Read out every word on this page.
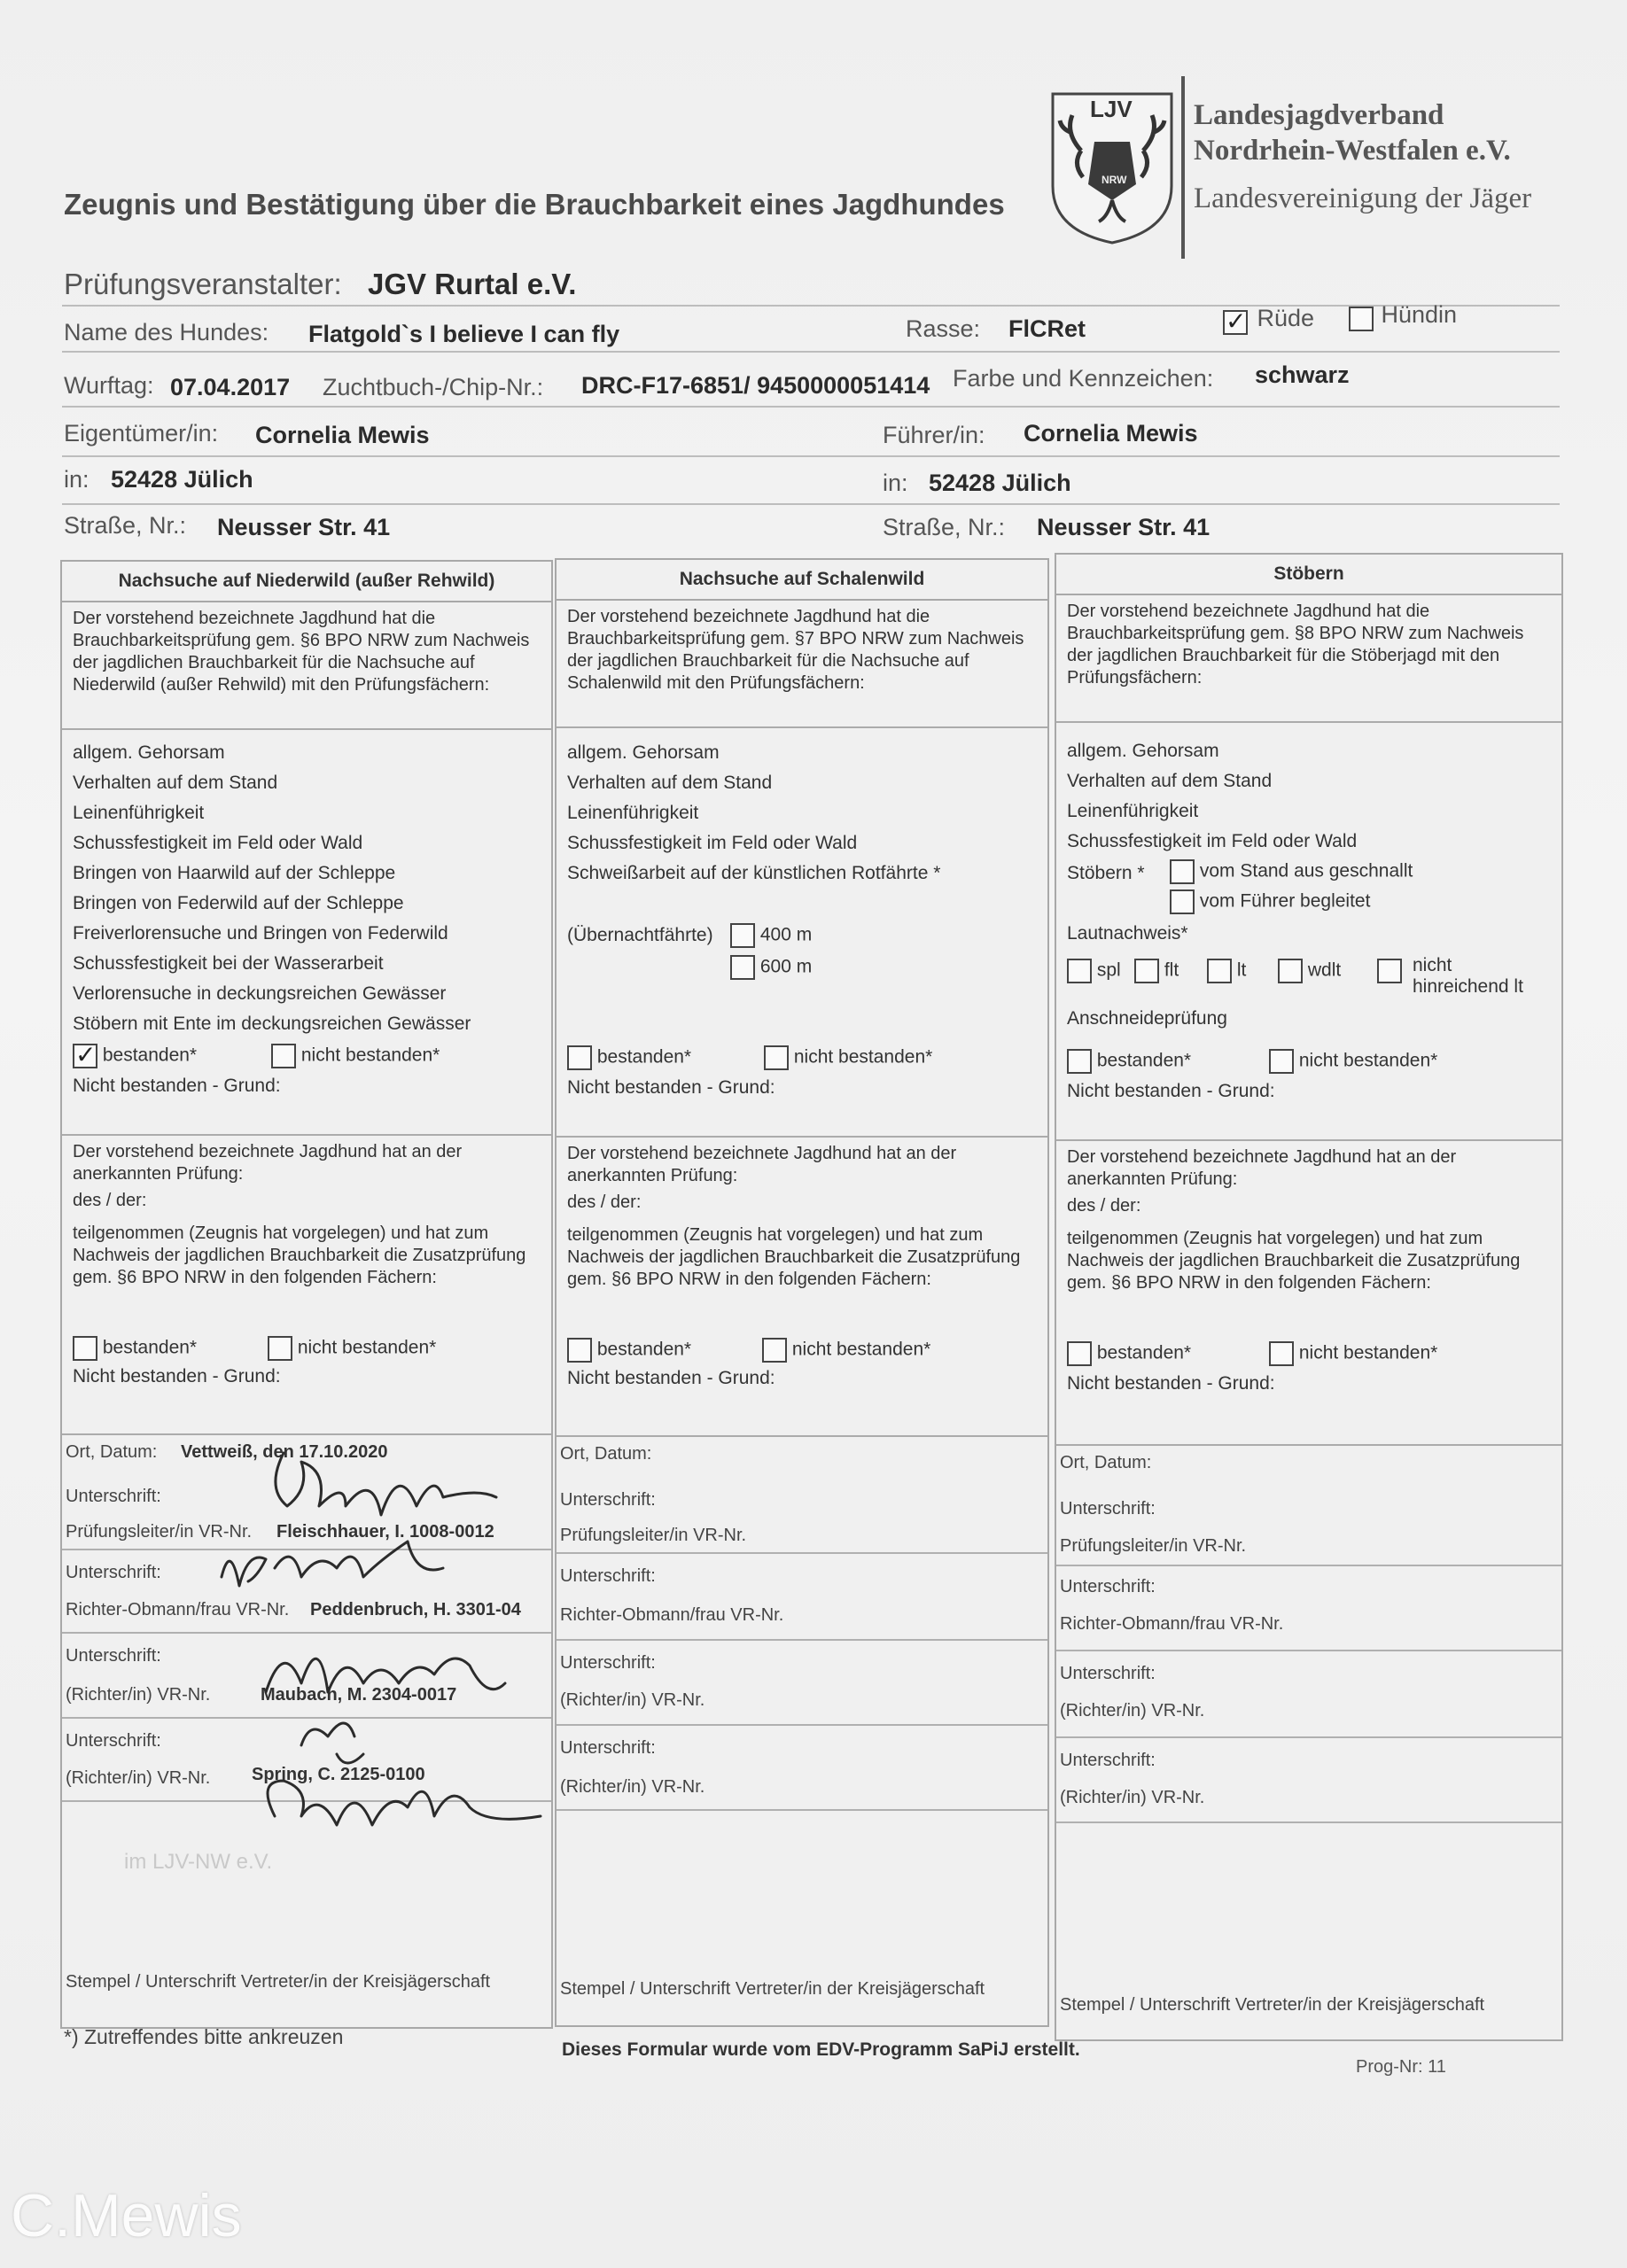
Zeugnis und Bestätigung über die Brauchbarkeit eines Jagdhundes
LJV
NRW
Landesjagdverband
Nordrhein-Westfalen e.V.
Landesvereinigung der Jäger
Prüfungsveranstalter: JGV Rurtal e.V.
Name des Hundes: Flatgold`s I believe I can fly	Rasse: FlCRet
✓	Rüde	Hündin
Wurftag: 07.04.2017 Zuchtbuch-/Chip-Nr.: DRC-F17-6851/ 9450000051414 Farbe und Kennzeichen: schwarz
Eigentümer/in: Cornelia Mewis	Führer/in: Cornelia Mewis
in: 52428 Jülich	in: 52428 Jülich
Straße, Nr.: Neusser Str. 41	Straße, Nr.: Neusser Str. 41
Nachsuche auf Niederwild (außer Rehwild)
Der vorstehend bezeichnete Jagdhund hat die Brauchbarkeitsprüfung gem. §6 BPO NRW zum Nachweis der jagdlichen Brauchbarkeit für die Nachsuche auf Niederwild (außer Rehwild) mit den Prüfungsfächern:
allgem. Gehorsam
Verhalten auf dem Stand
Leinenführigkeit
Schussfestigkeit im Feld oder Wald
Bringen von Haarwild auf der Schleppe
Bringen von Federwild auf der Schleppe
Freiverlorensuche und Bringen von Federwild
Schussfestigkeit bei der Wasserarbeit
Verlorensuche in deckungsreichen Gewässer
Stöbern mit Ente im deckungsreichen Gewässer
✓ bestanden*	nicht bestanden*
Nicht bestanden - Grund:
Der vorstehend bezeichnete Jagdhund hat an der anerkannten Prüfung:
des / der:
teilgenommen (Zeugnis hat vorgelegen) und hat zum Nachweis der jagdlichen Brauchbarkeit die Zusatzprüfung gem. §6 BPO NRW in den folgenden Fächern:
bestanden*	nicht bestanden*
Nicht bestanden - Grund:
Ort, Datum: Vettweiß, den 17.10.2020
Unterschrift:
Prüfungsleiter/in VR-Nr. Fleischhauer, I. 1008-0012
Unterschrift:
Richter-Obmann/frau VR-Nr. Peddenbruch, H. 3301-04
Unterschrift:
(Richter/in) VR-Nr.	Maubach, M. 2304-0017
Unterschrift:
(Richter/in) VR-Nr. Spring, C. 2125-0100
Stempel / Unterschrift Vertreter/in der Kreisjägerschaft
Nachsuche auf Schalenwild
Der vorstehend bezeichnete Jagdhund hat die Brauchbarkeitsprüfung gem. §7 BPO NRW zum Nachweis der jagdlichen Brauchbarkeit für die Nachsuche auf Schalenwild mit den Prüfungsfächern:
allgem. Gehorsam
Verhalten auf dem Stand
Leinenführigkeit
Schussfestigkeit im Feld oder Wald
Schweißarbeit auf der künstlichen Rotfährte *
(Übernachtfährte)	400 m
600 m
bestanden*	nicht bestanden*
Nicht bestanden - Grund:
Der vorstehend bezeichnete Jagdhund hat an der anerkannten Prüfung:
des / der:
teilgenommen (Zeugnis hat vorgelegen) und hat zum Nachweis der jagdlichen Brauchbarkeit die Zusatzprüfung gem. §6 BPO NRW in den folgenden Fächern:
bestanden*	nicht bestanden*
Nicht bestanden - Grund:
Ort, Datum:
Unterschrift:
Prüfungsleiter/in VR-Nr.
Unterschrift:
Richter-Obmann/frau VR-Nr.
Unterschrift:
(Richter/in) VR-Nr.
Unterschrift:
(Richter/in) VR-Nr.
Stempel / Unterschrift Vertreter/in der Kreisjägerschaft
Stöbern
Der vorstehend bezeichnete Jagdhund hat die Brauchbarkeitsprüfung gem. §8 BPO NRW zum Nachweis der jagdlichen Brauchbarkeit für die Stöberjagd mit den Prüfungsfächern:
allgem. Gehorsam
Verhalten auf dem Stand
Leinenführigkeit
Schussfestigkeit im Feld oder Wald
Stöbern *	vom Stand aus geschnallt
vom Führer begleitet
Lautnachweis*
spl	flt	lt	wdlt	nicht hinreichend lt
Anschneideprüfung
bestanden*	nicht bestanden*
Nicht bestanden - Grund:
Der vorstehend bezeichnete Jagdhund hat an der anerkannten Prüfung:
des / der:
teilgenommen (Zeugnis hat vorgelegen) und hat zum Nachweis der jagdlichen Brauchbarkeit die Zusatzprüfung gem. §6 BPO NRW in den folgenden Fächern:
bestanden*	nicht bestanden*
Nicht bestanden - Grund:
Ort, Datum:
Unterschrift:
Prüfungsleiter/in VR-Nr.
Unterschrift:
Richter-Obmann/frau VR-Nr.
Unterschrift:
(Richter/in) VR-Nr.
Unterschrift:
(Richter/in) VR-Nr.
Stempel / Unterschrift Vertreter/in der Kreisjägerschaft
im LJV-NW e.V.
*) Zutreffendes bitte ankreuzen
Dieses Formular wurde vom EDV-Programm SaPiJ erstellt.
Prog-Nr: 11
C.Mewis
